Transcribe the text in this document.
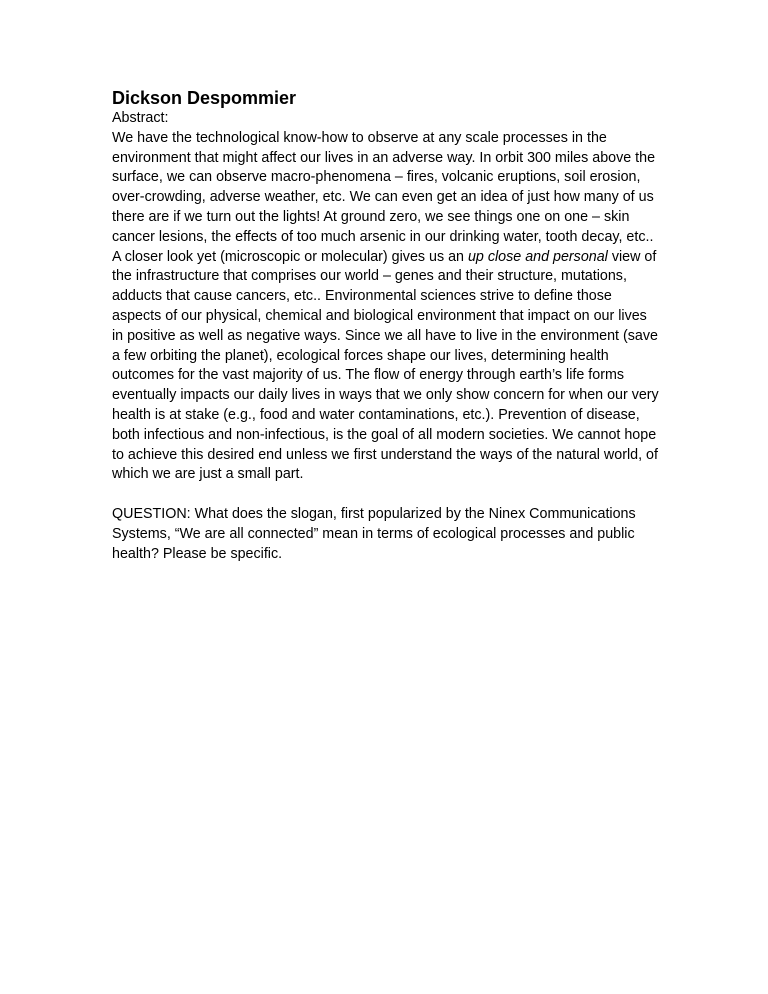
Dickson Despommier
Abstract:

We have the technological know-how to observe at any scale processes in the environment that might affect our lives in an adverse way. In orbit 300 miles above the surface, we can observe macro-phenomena – fires, volcanic eruptions, soil erosion, over-crowding, adverse weather, etc. We can even get an idea of just how many of us there are if we turn out the lights! At ground zero, we see things one on one – skin cancer lesions, the effects of too much arsenic in our drinking water, tooth decay, etc.. A closer look yet (microscopic or molecular) gives us an up close and personal view of the infrastructure that comprises our world – genes and their structure, mutations, adducts that cause cancers, etc.. Environmental sciences strive to define those aspects of our physical, chemical and biological environment that impact on our lives in positive as well as negative ways. Since we all have to live in the environment (save a few orbiting the planet), ecological forces shape our lives, determining health outcomes for the vast majority of us. The flow of energy through earth’s life forms eventually impacts our daily lives in ways that we only show concern for when our very health is at stake (e.g., food and water contaminations, etc.). Prevention of disease, both infectious and non-infectious, is the goal of all modern societies. We cannot hope to achieve this desired end unless we first understand the ways of the natural world, of which we are just a small part.

QUESTION: What does the slogan, first popularized by the Ninex Communications Systems, “We are all connected” mean in terms of ecological processes and public health? Please be specific.
